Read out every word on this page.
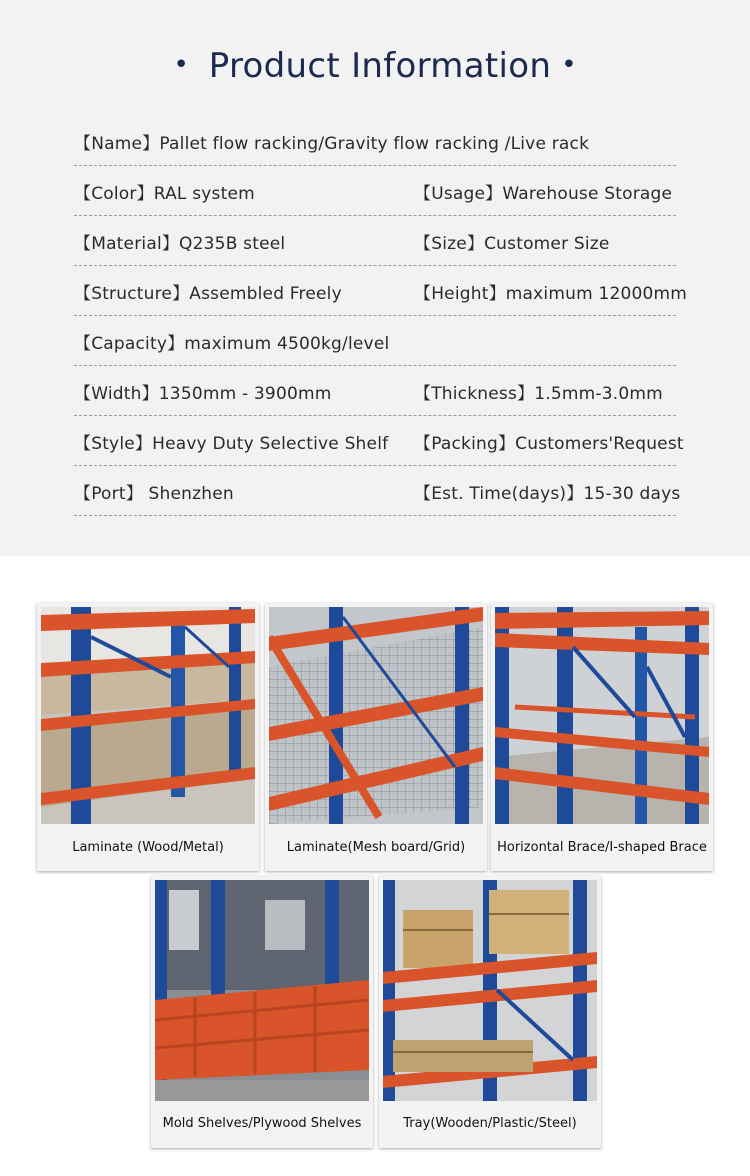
• Product Information •
【Name】Pallet flow racking/Gravity flow racking /Live rack
【Color】RAL system	【Usage】Warehouse Storage
【Material】Q235B steel	【Size】Customer Size
【Structure】Assembled Freely	【Height】maximum 12000mm
【Capacity】maximum 4500kg/level
【Width】1350mm - 3900mm	【Thickness】1.5mm-3.0mm
【Style】Heavy Duty Selective Shelf 【Packing】Customers'Request
【Port】 Shenzhen	【Est. Time(days)】15-30 days
Laminate (Wood/Metal)	Laminate(Mesh board/Grid)	Horizontal Brace/I-shaped Brace
Mold Shelves/Plywood Shelves	Tray(Wooden/Plastic/Steel)
